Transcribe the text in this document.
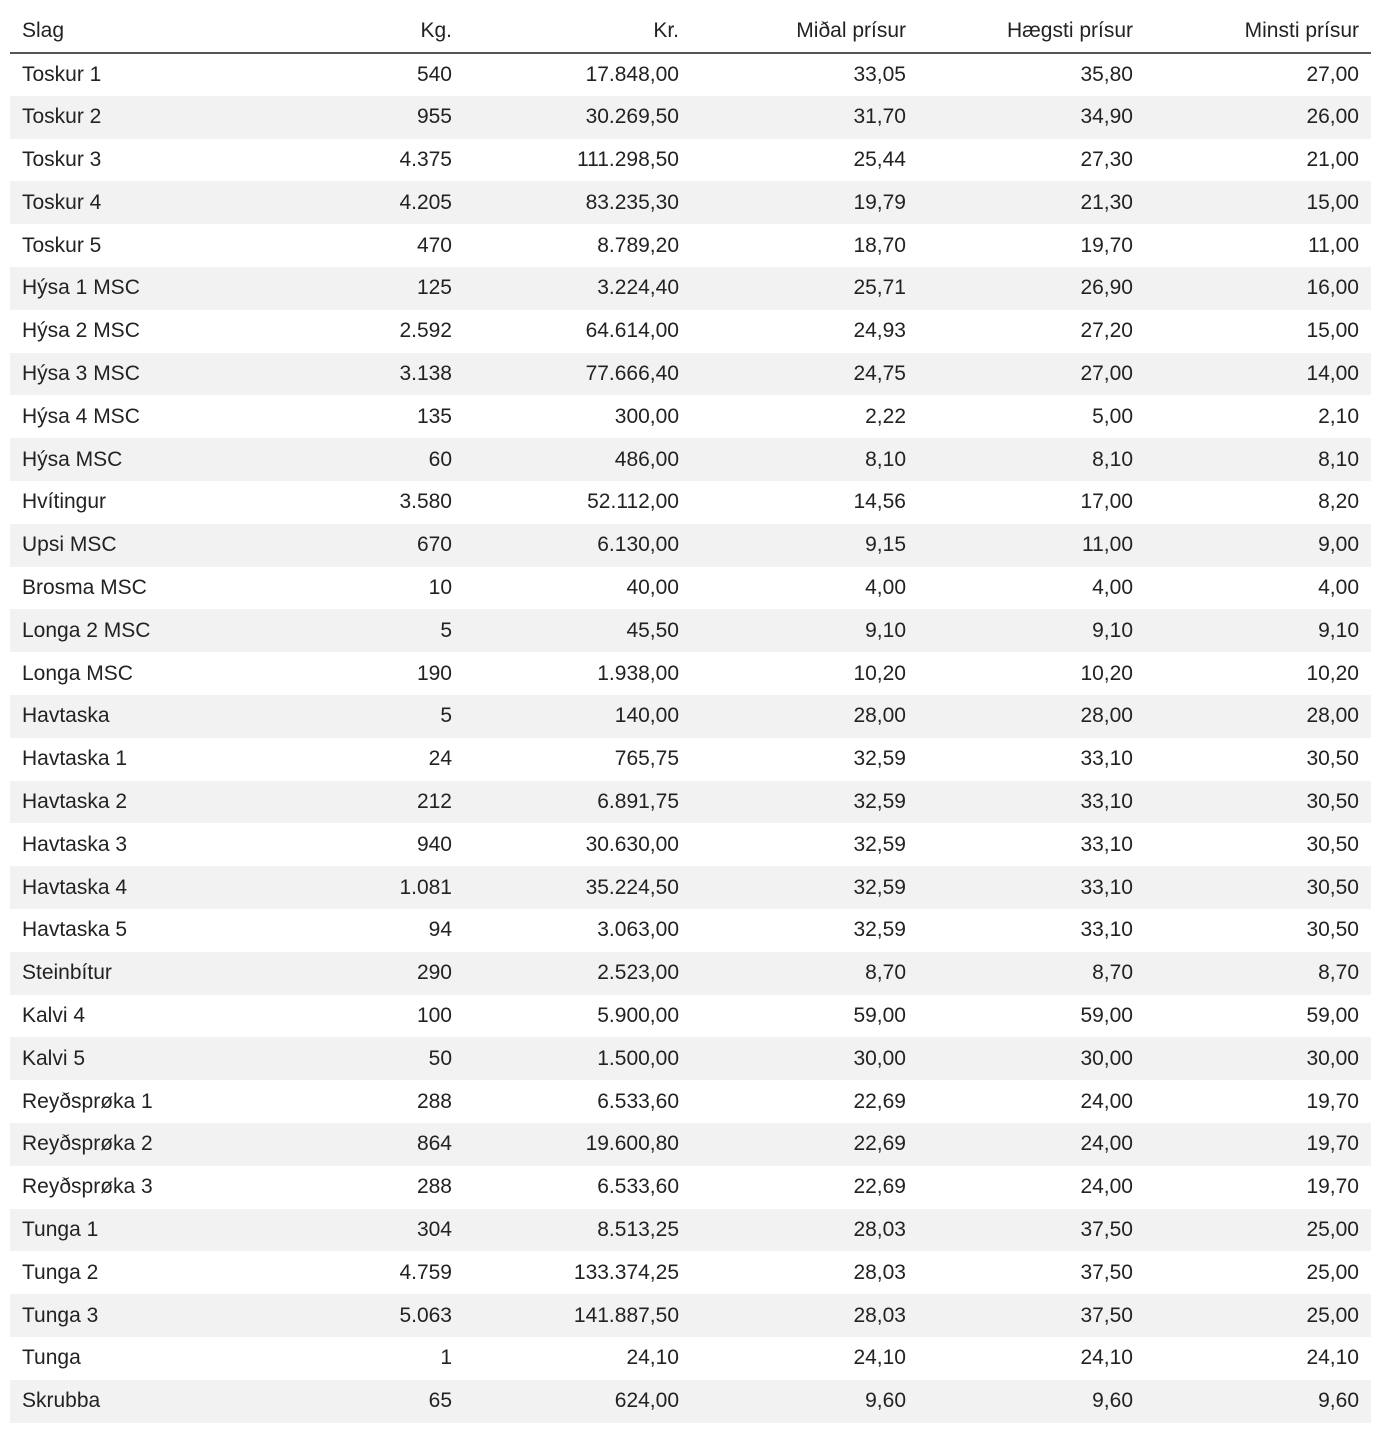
Slag	Kg.	Kr.	Miðal prísur	Hægsti prísur	Minsti prísur
Toskur 1	540	17.848,00	33,05	35,80	27,00
Toskur 2	955	30.269,50	31,70	34,90	26,00
Toskur 3	4.375	111.298,50	25,44	27,30	21,00
Toskur 4	4.205	83.235,30	19,79	21,30	15,00
Toskur 5	470	8.789,20	18,70	19,70	11,00
Hýsa 1 MSC	125	3.224,40	25,71	26,90	16,00
Hýsa 2 MSC	2.592	64.614,00	24,93	27,20	15,00
Hýsa 3 MSC	3.138	77.666,40	24,75	27,00	14,00
Hýsa 4 MSC	135	300,00	2,22	5,00	2,10
Hýsa MSC	60	486,00	8,10	8,10	8,10
Hvítingur	3.580	52.112,00	14,56	17,00	8,20
Upsi MSC	670	6.130,00	9,15	11,00	9,00
Brosma MSC	10	40,00	4,00	4,00	4,00
Longa 2 MSC	5	45,50	9,10	9,10	9,10
Longa MSC	190	1.938,00	10,20	10,20	10,20
Havtaska	5	140,00	28,00	28,00	28,00
Havtaska 1	24	765,75	32,59	33,10	30,50
Havtaska 2	212	6.891,75	32,59	33,10	30,50
Havtaska 3	940	30.630,00	32,59	33,10	30,50
Havtaska 4	1.081	35.224,50	32,59	33,10	30,50
Havtaska 5	94	3.063,00	32,59	33,10	30,50
Steinbítur	290	2.523,00	8,70	8,70	8,70
Kalvi 4	100	5.900,00	59,00	59,00	59,00
Kalvi 5	50	1.500,00	30,00	30,00	30,00
Reyðsprøka 1	288	6.533,60	22,69	24,00	19,70
Reyðsprøka 2	864	19.600,80	22,69	24,00	19,70
Reyðsprøka 3	288	6.533,60	22,69	24,00	19,70
Tunga 1	304	8.513,25	28,03	37,50	25,00
Tunga 2	4.759	133.374,25	28,03	37,50	25,00
Tunga 3	5.063	141.887,50	28,03	37,50	25,00
Tunga	1	24,10	24,10	24,10	24,10
Skrubba	65	624,00	9,60	9,60	9,60
